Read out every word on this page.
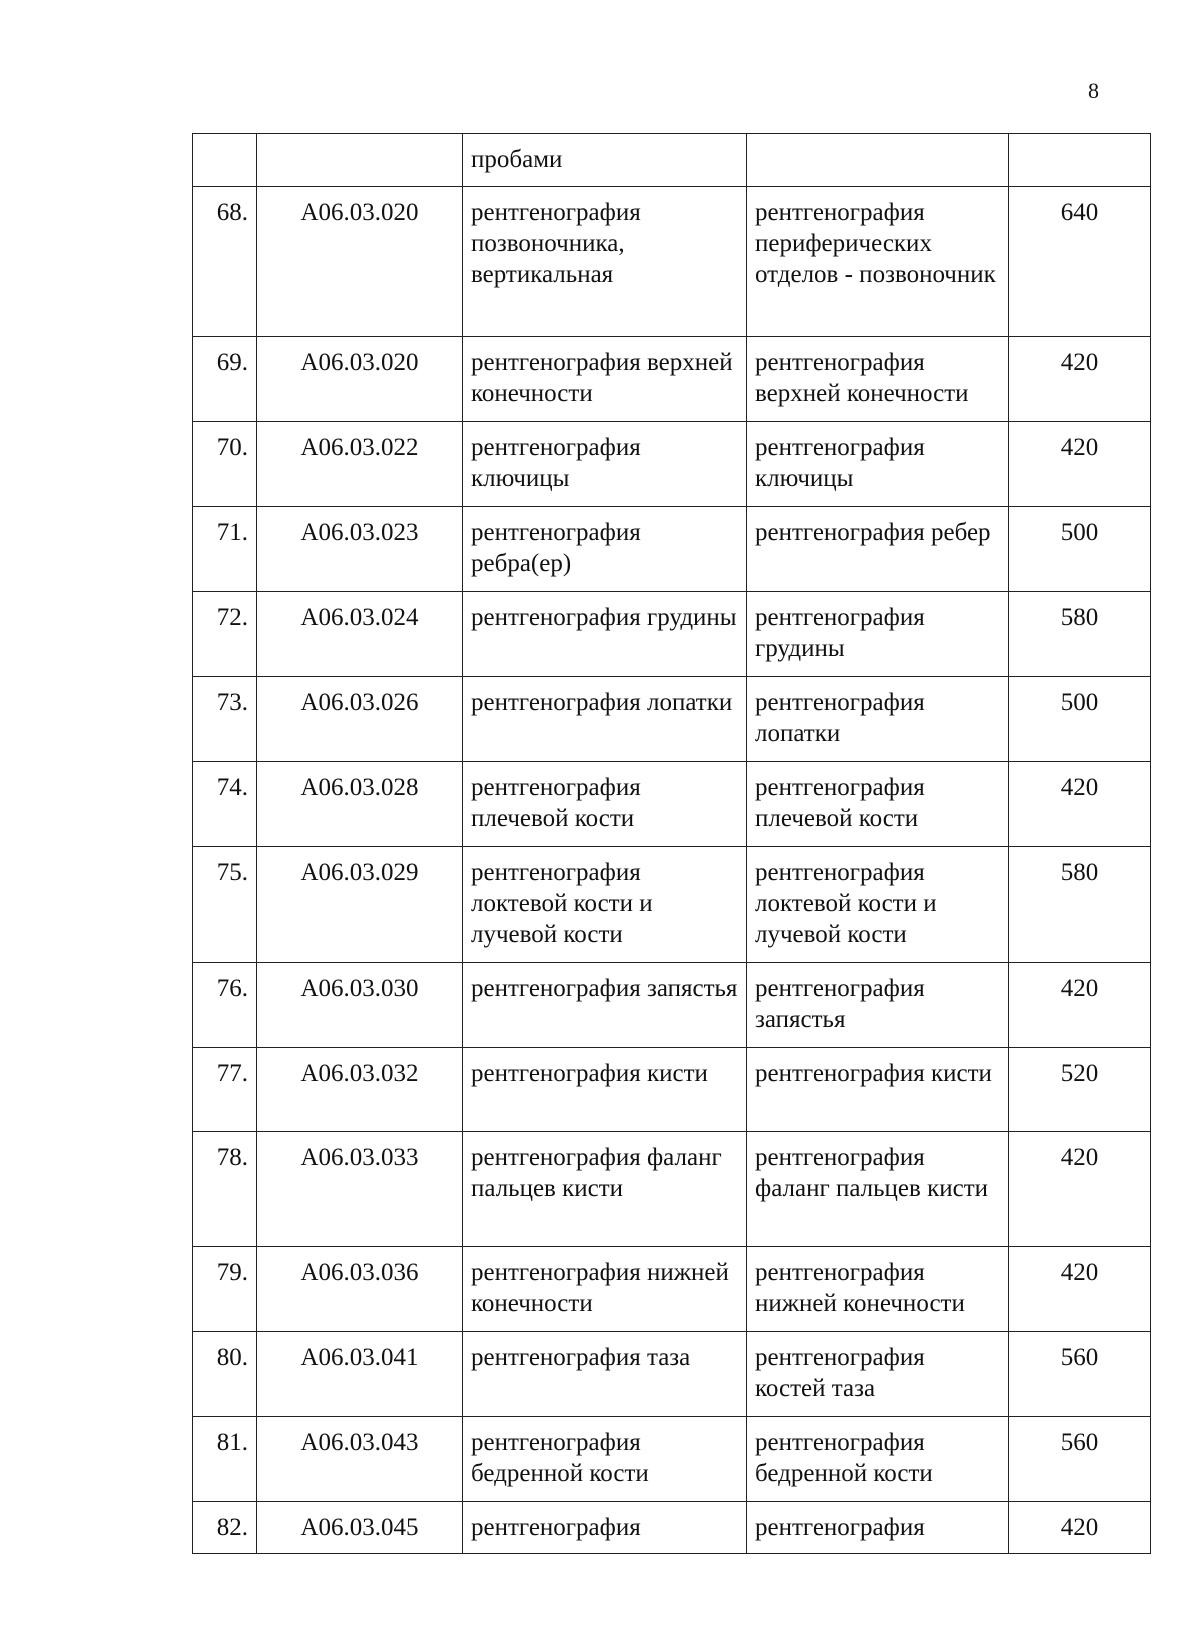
8
		пробами		
68.	А06.03.020	рентгенография позвоночника, вертикальная	рентгенография периферических отделов - позвоночник	640
69.	А06.03.020	рентгенография верхней конечности	рентгенография верхней конечности	420
70.	А06.03.022	рентгенография ключицы	рентгенография ключицы	420
71.	А06.03.023	рентгенография ребра(ер)	рентгенография ребер	500
72.	А06.03.024	рентгенография грудины	рентгенография грудины	580
73.	А06.03.026	рентгенография лопатки	рентгенография лопатки	500
74.	А06.03.028	рентгенография плечевой кости	рентгенография плечевой кости	420
75.	А06.03.029	рентгенография локтевой кости и лучевой кости	рентгенография локтевой кости и лучевой кости	580
76.	А06.03.030	рентгенография запястья	рентгенография запястья	420
77.	А06.03.032	рентгенография кисти	рентгенография кисти	520
78.	А06.03.033	рентгенография фаланг пальцев кисти	рентгенография фаланг пальцев кисти	420
79.	А06.03.036	рентгенография нижней конечности	рентгенография нижней конечности	420
80.	А06.03.041	рентгенография таза	рентгенография костей таза	560
81.	А06.03.043	рентгенография бедренной кости	рентгенография бедренной кости	560
82.	А06.03.045	рентгенография	рентгенография	420
